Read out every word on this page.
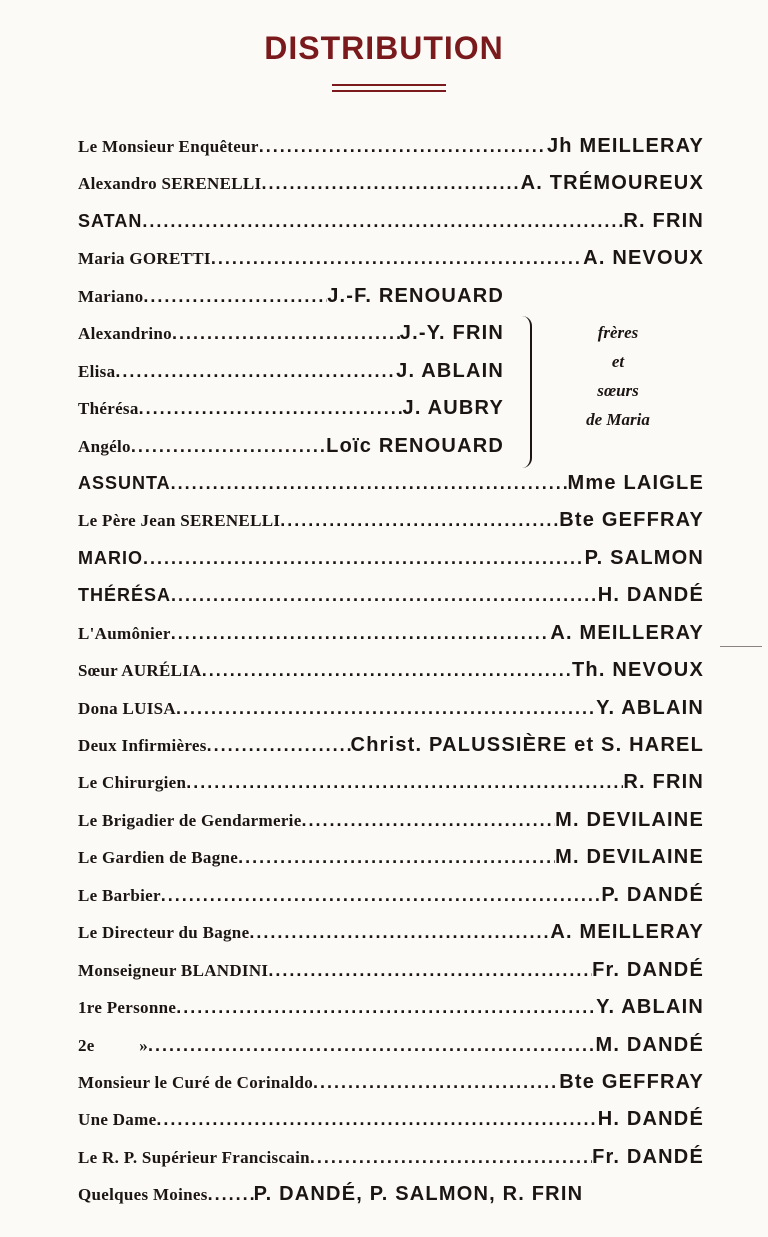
DISTRIBUTION
Le Monsieur Enquêteur .....	Jh MEILLERAY
Alexandro SERENELLI .....	A. TRÉMOUREUX
SATAN .....	R. FRIN
Maria GORETTI .....	A. NEVOUX
Mariano .....	J.-F. RENOUARD
Alexandrino .....	J.-Y. FRIN
Elisa .....	J. ABLAIN
Thérésa .....	J. AUBRY
Angélo .....	Loïc RENOUARD
ASSUNTA .....	Mme LAIGLE
Le Père Jean SERENELLI .....	Bte GEFFRAY
MARIO .....	P. SALMON
THÉRÉSA .....	H. DANDÉ
L'Aumônier .....	A. MEILLERAY
Sœur AURÉLIA .....	Th. NEVOUX
Dona LUISA .....	Y. ABLAIN
Deux Infirmières .....	Christ. PALUSSIÈRE et S. HAREL
Le Chirurgien .....	R. FRIN
Le Brigadier de Gendarmerie .....	M. DEVILAINE
Le Gardien de Bagne .....	M. DEVILAINE
Le Barbier .....	P. DANDÉ
Le Directeur du Bagne .....	A. MEILLERAY
Monseigneur BLANDINI .....	Fr. DANDÉ
1re Personne .....	Y. ABLAIN
2e » .....	M. DANDÉ
Monsieur le Curé de Corinaldo .....	Bte GEFFRAY
Une Dame .....	H. DANDÉ
Le R. P. Supérieur Franciscain .....	Fr. DANDÉ
Quelques Moines ..... P. DANDÉ, P. SALMON, R. FRIN
frères
et
sœurs
de Maria
